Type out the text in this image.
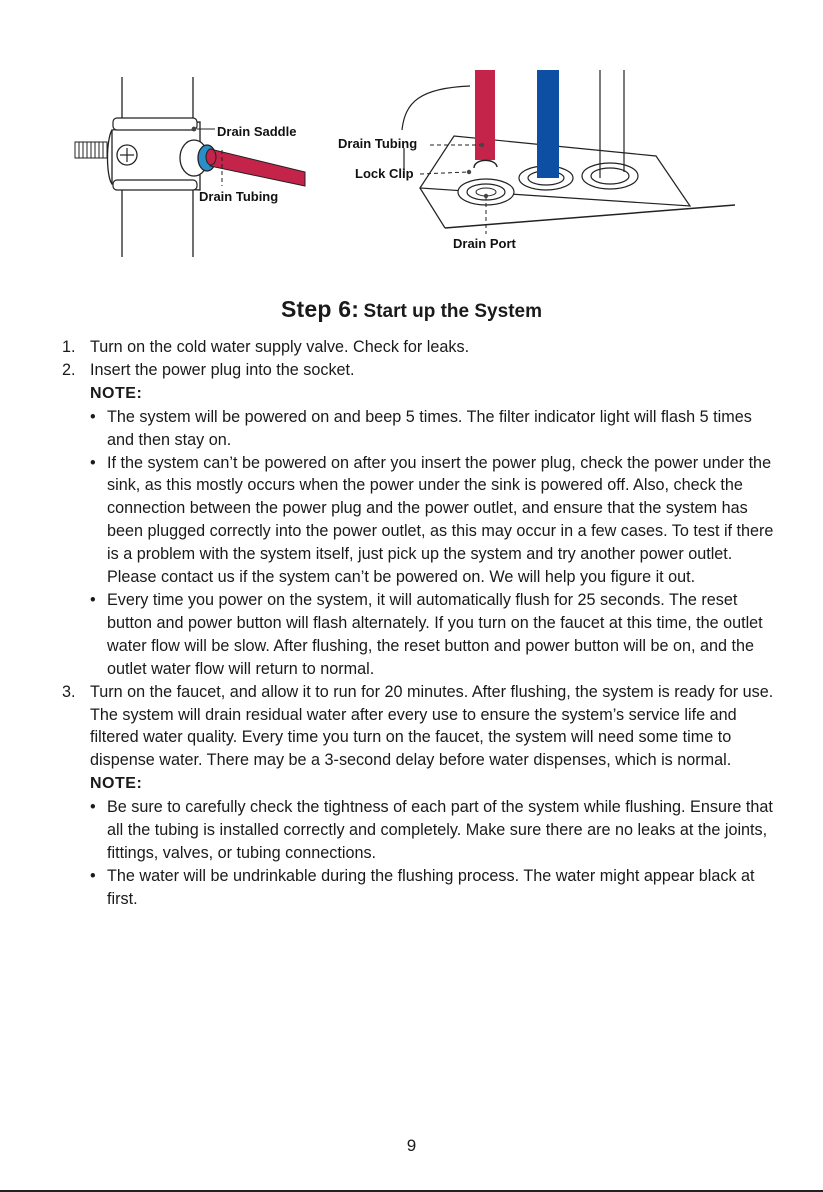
Drain Saddle
Drain Tubing
Drain Tubing
Lock Clip
Drain Port
Step 6: Start up the System
1. Turn on the cold water supply valve. Check for leaks.
2. Insert the power plug into the socket.
NOTE:
• The system will be powered on and beep 5 times. The filter indicator light will flash 5 times and then stay on.
• If the system can’t be powered on after you insert the power plug, check the power under the sink, as this mostly occurs when the power under the sink is powered off. Also, check the connection between the power plug and the power outlet, and ensure that the system has been plugged correctly into the power outlet, as this may occur in a few cases. To test if there is a problem with the system itself, just pick up the system and try another power outlet. Please contact us if the system can’t be powered on. We will help you figure it out.
• Every time you power on the system, it will automatically flush for 25 seconds. The reset button and power button will flash alternately. If you turn on the faucet at this time, the outlet water flow will be slow. After flushing, the reset button and power button will be on, and the outlet water flow will return to normal.
3. Turn on the faucet, and allow it to run for 20 minutes. After flushing, the system is ready for use. The system will drain residual water after every use to ensure the system’s service life and filtered water quality. Every time you turn on the faucet, the system will need some time to dispense water. There may be a 3-second delay before water dispenses, which is normal.
NOTE:
• Be sure to carefully check the tightness of each part of the system while flushing. Ensure that all the tubing is installed correctly and completely. Make sure there are no leaks at the joints, fittings, valves, or tubing connections.
• The water will be undrinkable during the flushing process. The water might appear black at first.
9
